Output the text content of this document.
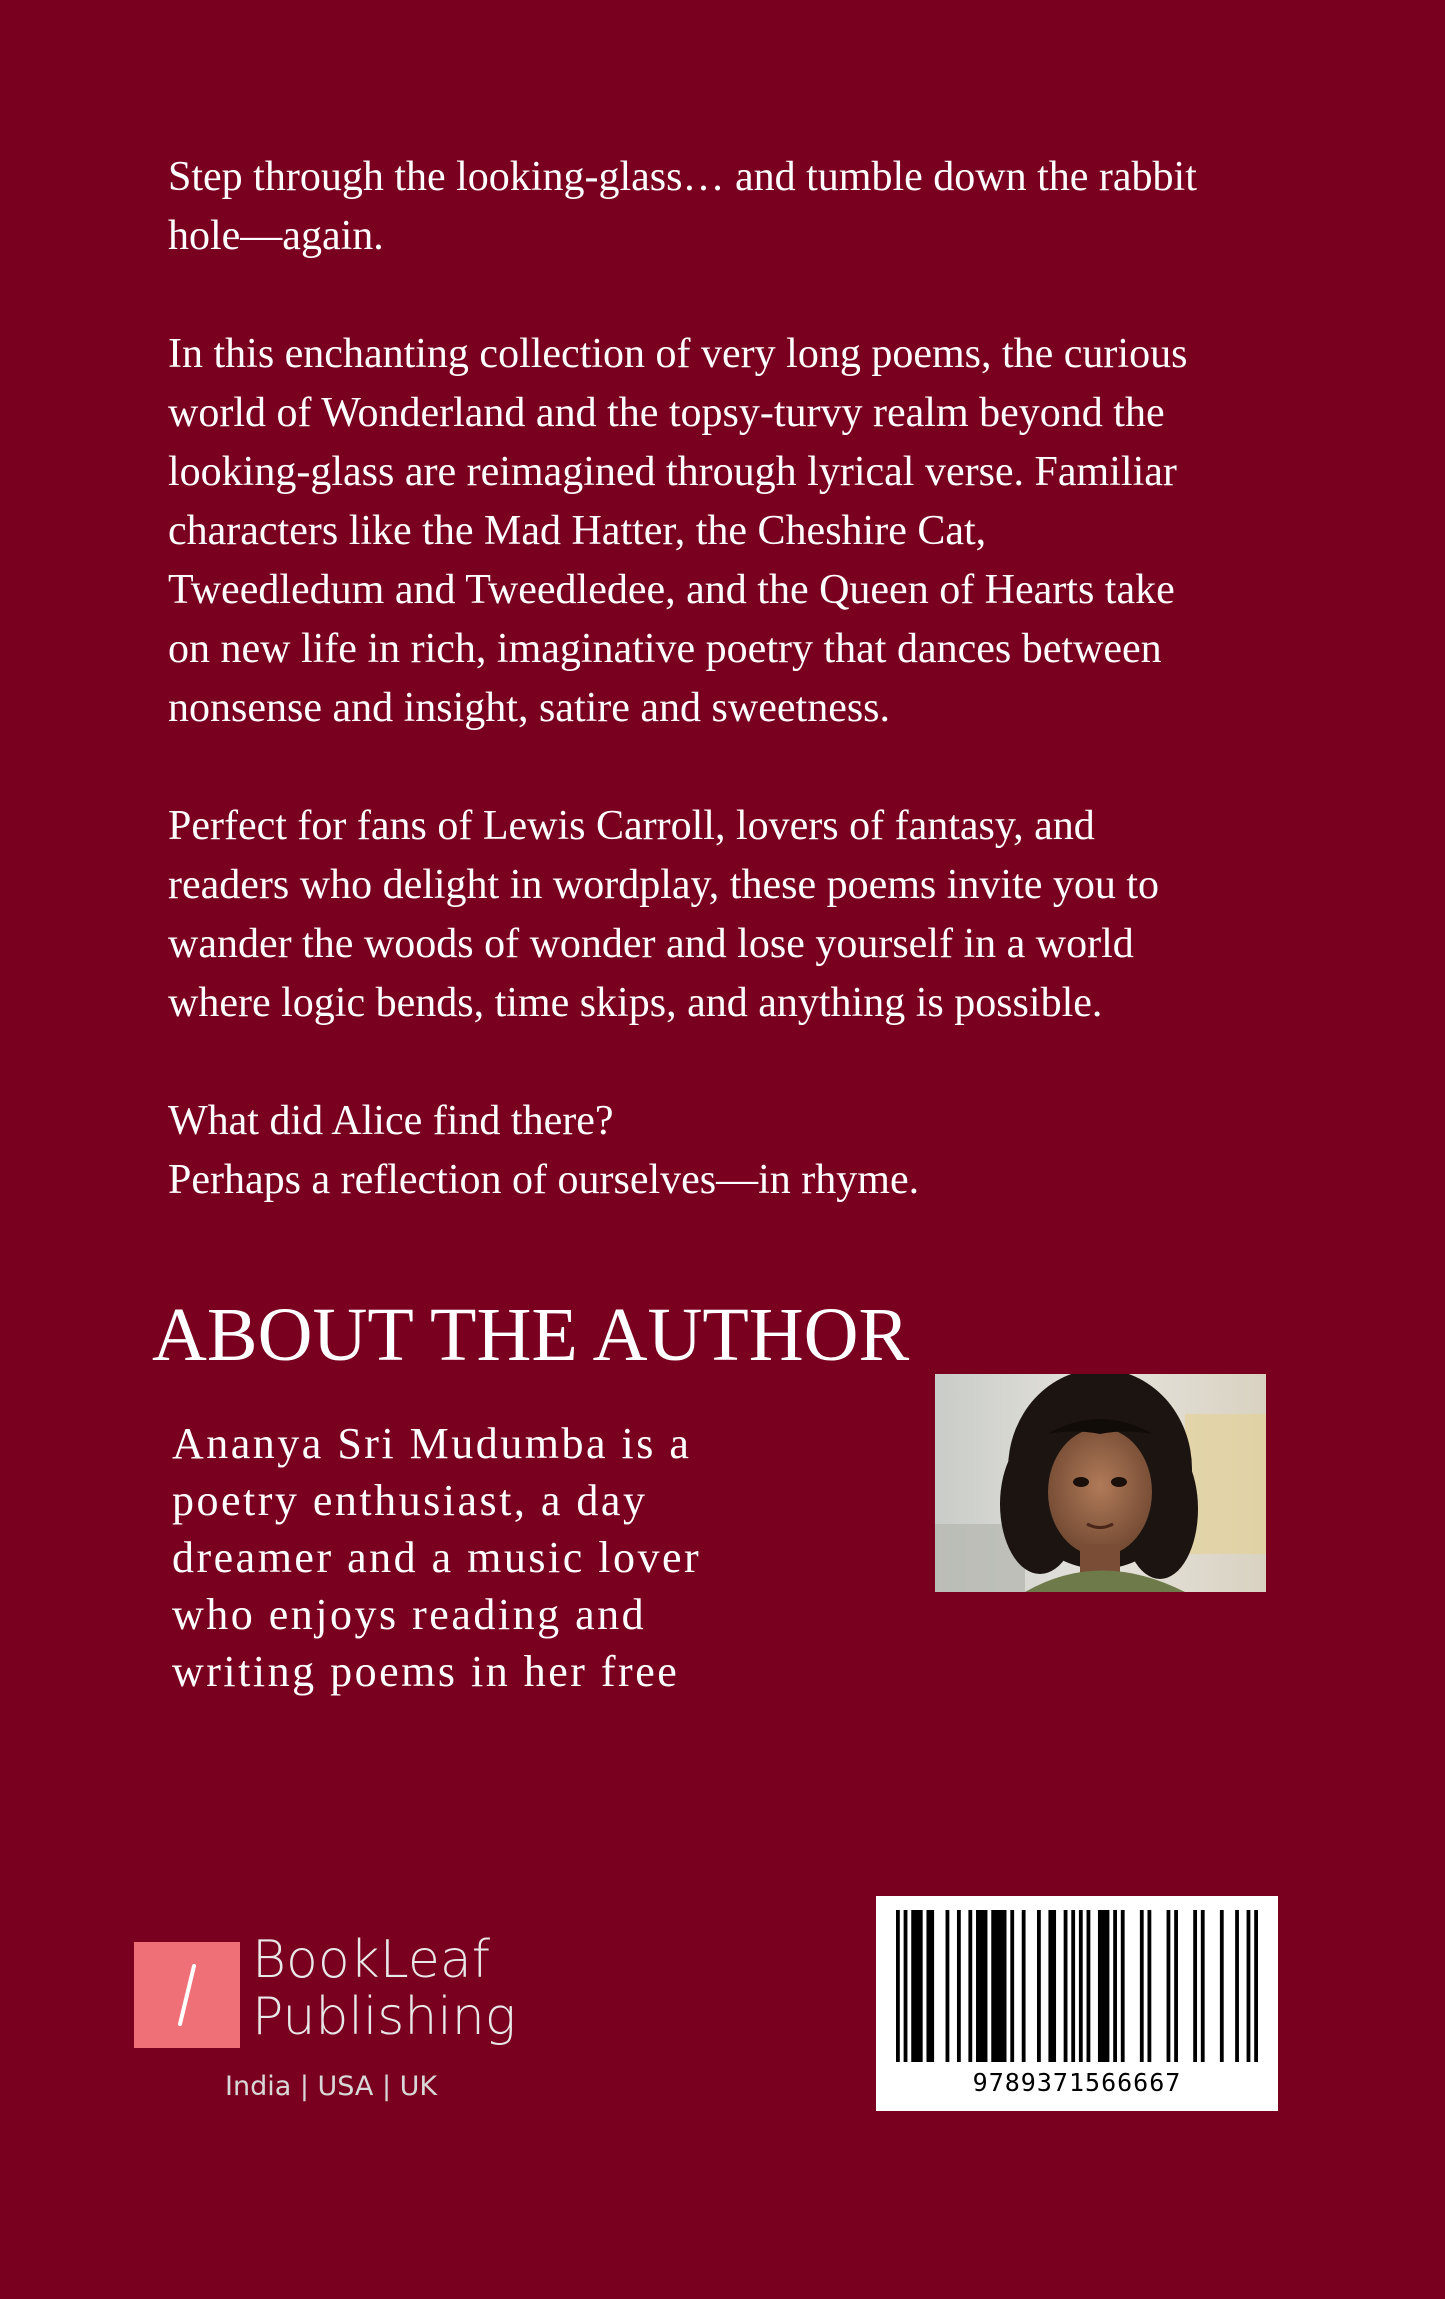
Step through the looking-glass… and tumble down the rabbit
hole—again.

In this enchanting collection of very long poems, the curious
world of Wonderland and the topsy-turvy realm beyond the
looking-glass are reimagined through lyrical verse. Familiar
characters like the Mad Hatter, the Cheshire Cat,
Tweedledum and Tweedledee, and the Queen of Hearts take
on new life in rich, imaginative poetry that dances between
nonsense and insight, satire and sweetness.

Perfect for fans of Lewis Carroll, lovers of fantasy, and
readers who delight in wordplay, these poems invite you to
wander the woods of wonder and lose yourself in a world
where logic bends, time skips, and anything is possible.

What did Alice find there?
Perhaps a reflection of ourselves—in rhyme.

ABOUT THE AUTHOR
Ananya Sri Mudumba is a
poetry enthusiast, a day
dreamer and a music lover
who enjoys reading and
writing poems in her free
BookLeaf
Publishing
India | USA | UK	9789371566667
